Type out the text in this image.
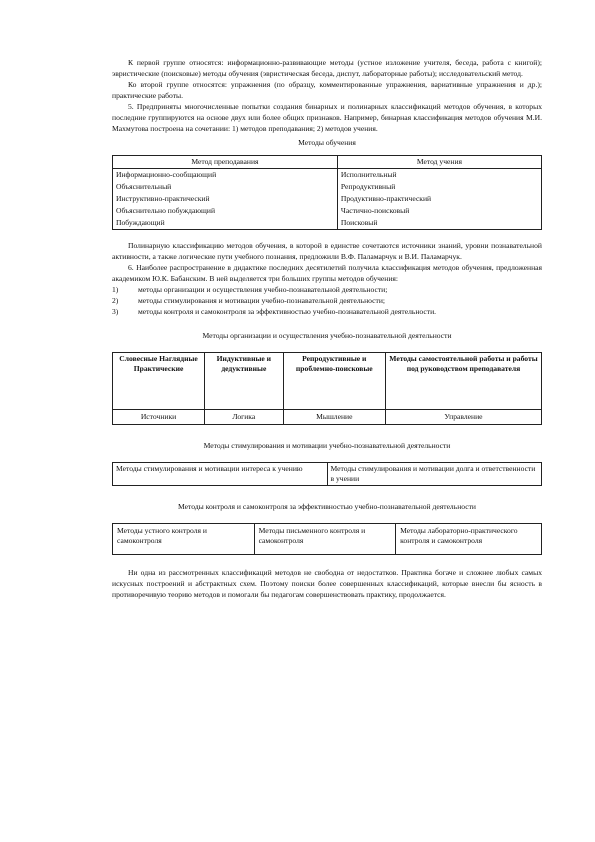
К первой группе относятся: информационно-развивающие методы (устное изложение учителя, беседа, работа с книгой); эвристические (поисковые) методы обучения (эвристическая беседа, диспут, лабораторные работы); исследовательский метод.

Ко второй группе относятся: упражнения (по образцу, комментированные упражнения, вариативные упражнения и др.); практические работы.

5. Предприняты многочисленные попытки создания бинарных и полинарных классификаций методов обучения, в которых последние группируются на основе двух или более общих признаков. Например, бинарная классификация методов обучения М.И. Махмутова построена на сочетании: 1) методов преподавания; 2) методов учения.

Методы обучения

Метод преподавания	Метод учения
Информационно-сообщающий	Исполнительный
Объяснительный	Репродуктивный
Инструктивно-практический	Продуктивно-практический
Объяснительно побуждающий	Частично-поисковый
Побуждающий	Поисковый

Полинарную классификацию методов обучения, в которой в единстве сочетаются источники знаний, уровни познавательной активности, а также логические пути учебного познания, предложили В.Ф. Паламарчук и В.И. Паламарчук.

6. Наиболее распространение в дидактике последних десятилетий получила классификация методов обучения, предложенная академиком Ю.К. Бабанским. В ней выделяется три больших группы методов обучения:

1)	методы организации и осуществления учебно-познавательной деятельности;
2)	методы стимулирования и мотивации учебно-познавательной деятельности;
3)	методы контроля и самоконтроля за эффективностью учебно-познавательной деятельности.

Методы организации и осуществления учебно-познавательной деятельности

Словесные Наглядные Практические	Индуктивные и дедуктивные	Репродуктивные и проблемно-поисковые	Методы самостоятельной работы и работы под руководством преподавателя
Источники	Логика	Мышление	Управление

Методы стимулирования и мотивации учебно-познавательной деятельности

Методы стимулирования и мотивации интереса к учению	Методы стимулирования и мотивации долга и ответственности в учении

Методы контроля и самоконтроля за эффективностью учебно-познавательной деятельности

Методы устного контроля и самоконтроля	Методы письменного контроля и самоконтроля	Методы лабораторно-практического контроля и самоконтроля

Ни одна из рассмотренных классификаций методов не свободна от недостатков. Практика богаче и сложнее любых самых искусных построений и абстрактных схем. Поэтому поиски более совершенных классификаций, которые внесли бы ясность в противоречивую теорию методов и помогали бы педагогам совершенствовать практику, продолжается.
